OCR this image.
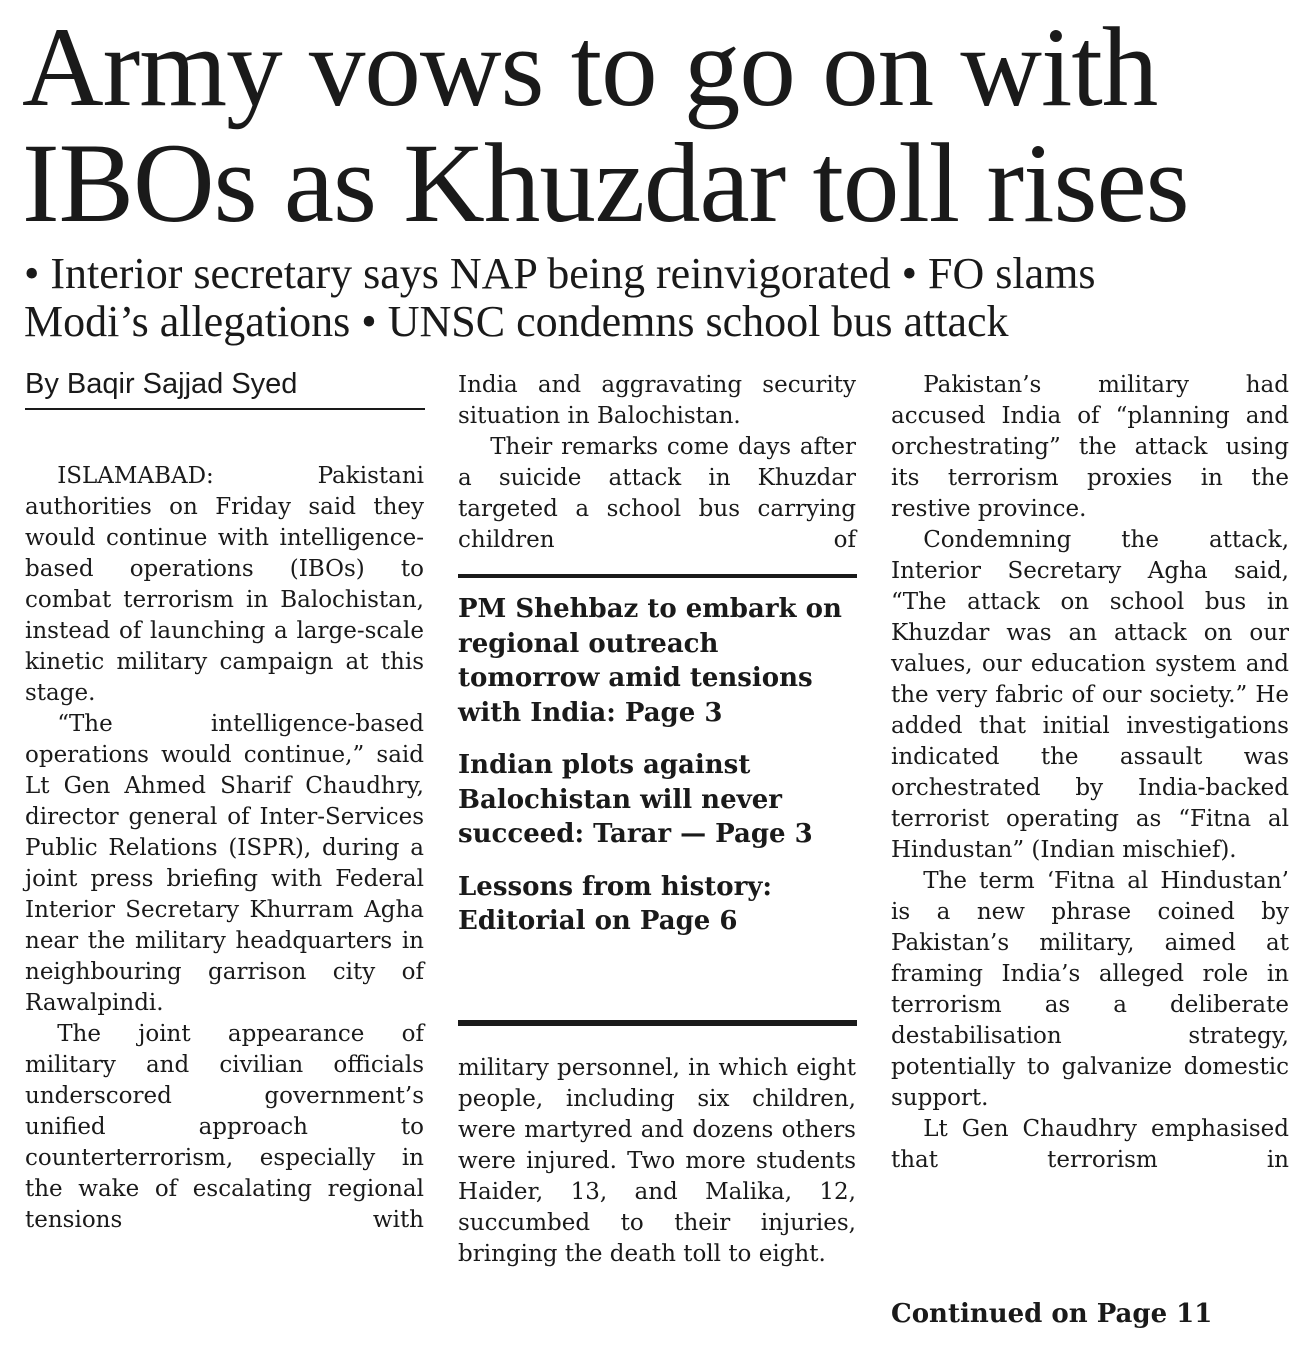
Army vows to go on with
IBOs as Khuzdar toll rises
• Interior secretary says NAP being reinvigorated • FO slams
Modi’s allegations • UNSC condemns school bus attack
By Baqir Sajjad Syed

ISLAMABAD: Pakistani authorities on Friday said they would continue with intelligence-based operations (IBOs) to combat terrorism in Balochistan, instead of launching a large-scale kinetic military campaign at this stage.

“The intelligence-based operations would continue,” said Lt Gen Ahmed Sharif Chaudhry, director general of Inter-Services Public Relations (ISPR), during a joint press briefing with Federal Interior Secretary Khurram Agha near the military headquarters in neighbouring garrison city of Rawalpindi.

The joint appearance of military and civilian officials underscored government’s unified approach to counterterrorism, especially in the wake of escalating regional tensions with

India and aggravating security situation in Balochistan.

Their remarks come days after a suicide attack in Khuzdar targeted a school bus carrying children of

PM Shehbaz to embark on regional outreach tomorrow amid tensions with India: Page 3
Indian plots against Balochistan will never succeed: Tarar — Page 3
Lessons from history: Editorial on Page 6

military personnel, in which eight people, including six children, were martyred and dozens others were injured. Two more students Haider, 13, and Malika, 12, succumbed to their injuries, bringing the death toll to eight.

Pakistan’s military had accused India of “planning and orchestrating” the attack using its terrorism proxies in the restive province.

Condemning the attack, Interior Secretary Agha said, “The attack on school bus in Khuzdar was an attack on our values, our education system and the very fabric of our society.” He added that initial investigations indicated the assault was orchestrated by India-backed terrorist operating as “Fitna al Hindustan” (Indian mischief).

The term ‘Fitna al Hindustan’ is a new phrase coined by Pakistan’s military, aimed at framing India’s alleged role in terrorism as a deliberate destabilisation strategy, potentially to galvanize domestic support.

Lt Gen Chaudhry emphasised that terrorism in

Continued on Page 11
